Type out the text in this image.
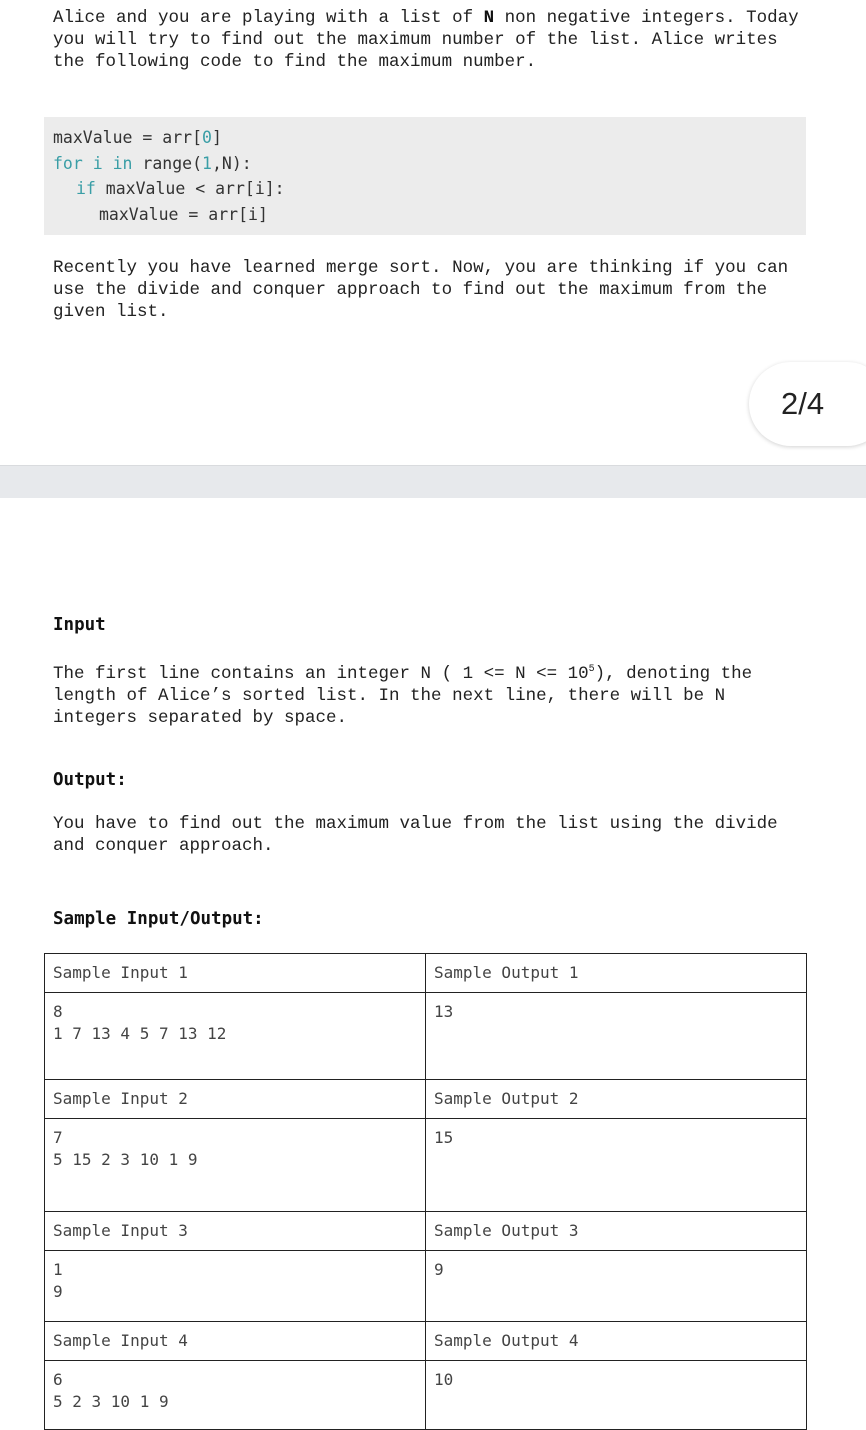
Alice and you are playing with a list of N non negative integers. Today you will try to find out the maximum number of the list. Alice writes the following code to find the maximum number.

maxValue = arr[0]
for i in range(1,N):
if maxValue < arr[i]:
maxValue = arr[i]

Recently you have learned merge sort. Now, you are thinking if you can use the divide and conquer approach to find out the maximum from the given list.

2/4
Input

The first line contains an integer N ( $1 <= N <= 10^5$), denoting the length of Alice’s sorted list. In the next line, there will be N integers separated by space.

Output:

You have to find out the maximum value from the list using the divide and conquer approach.

Sample Input/Output:
Sample Input 1	Sample Output 1
8
1 7 13 4 5 7 13 12	13
Sample Input 2	Sample Output 2
7
5 15 2 3 10 1 9	15
Sample Input 3	Sample Output 3
1
9	9
Sample Input 4	Sample Output 4
6
5 2 3 10 1 9	10
